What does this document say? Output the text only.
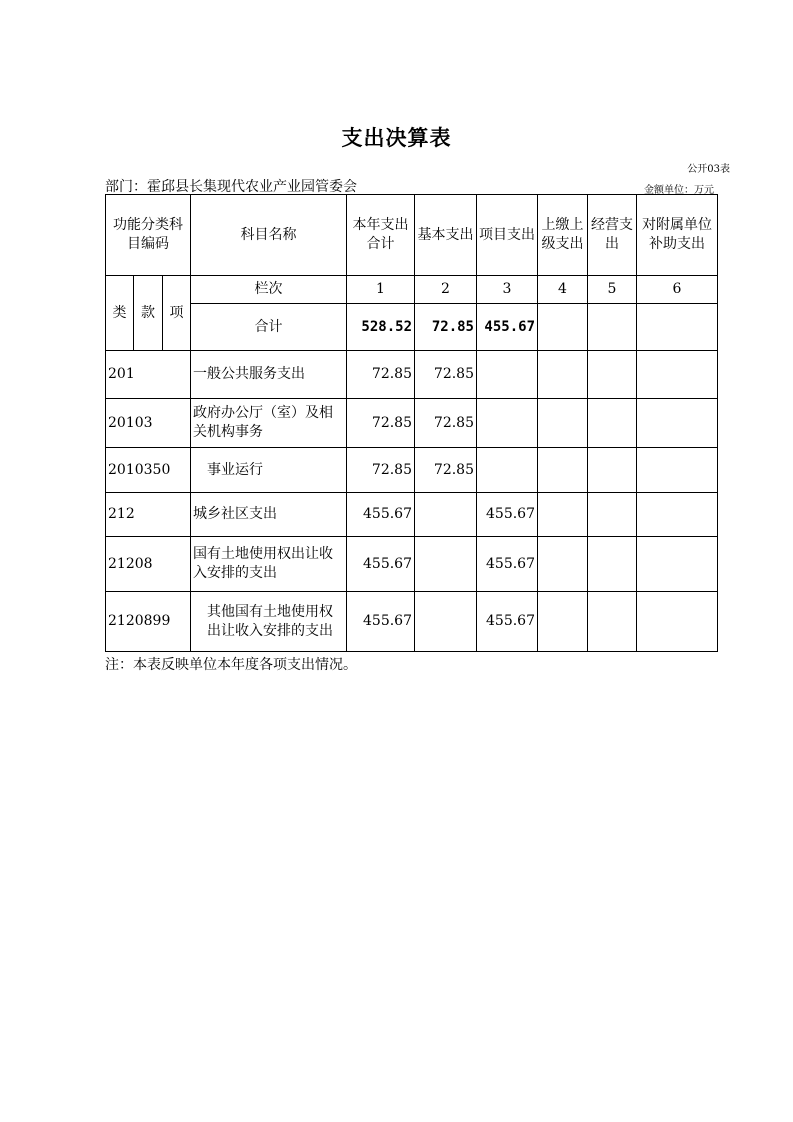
支出决算表
公开03表
部门：霍邱县长集现代农业产业园管委会	金额单位：万元
功能分类科目编码			科目名称	本年支出合计	基本支出	项目支出	上缴上级支出	经营支出	对附属单位补助支出
类	款	项	栏次	1	2	3	4	5	6
			合计	528.52	72.85	455.67			
201			一般公共服务支出	72.85	72.85				
20103			政府办公厅（室）及相关机构事务	72.85	72.85				
2010350			事业运行	72.85	72.85				
212			城乡社区支出	455.67		455.67			
21208			国有土地使用权出让收入安排的支出	455.67		455.67			
2120899			其他国有土地使用权出让收入安排的支出	455.67		455.67			
注：本表反映单位本年度各项支出情况。
